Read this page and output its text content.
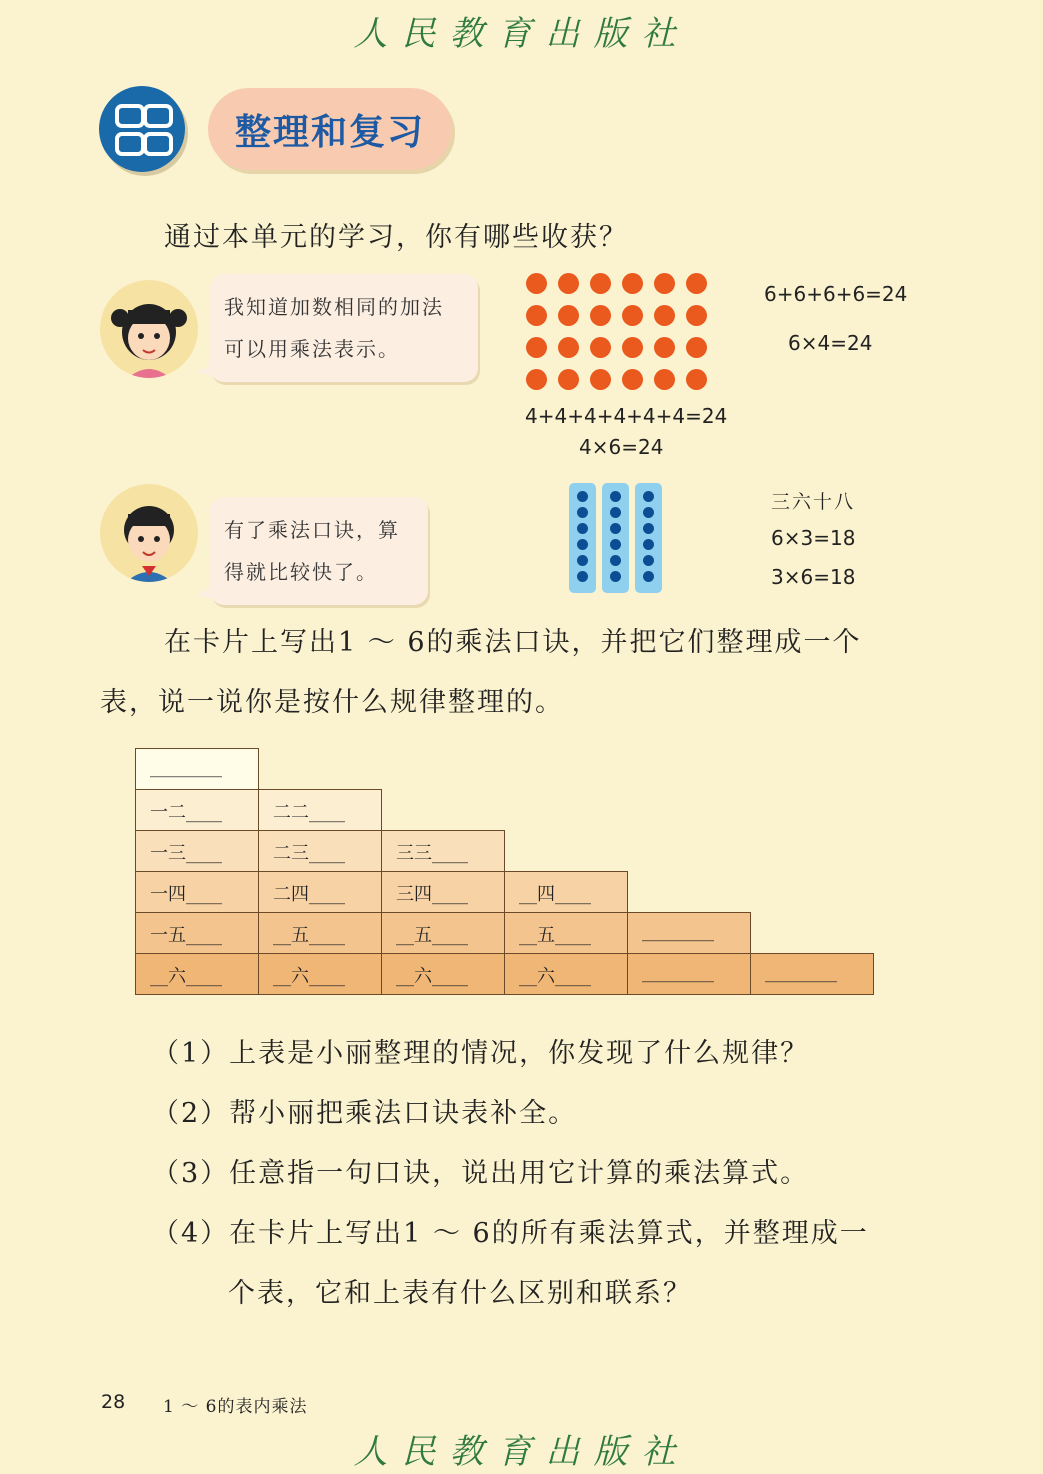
人民教育出版社
整理和复习
通过本单元的学习，你有哪些收获？
我知道加数相同的加法
可以用乘法表示。
6+6+6+6=24
6×4=24
4+4+4+4+4+4=24
4×6=24
有了乘法口诀，算
得就比较快了。
三六十八
6×3=18
3×6=18
在卡片上写出1 ～ 6的乘法口诀，并把它们整理成一个
表，说一说你是按什么规律整理的。
________
一二____	二二____
一三____	二三____	三三____
一四____	二四____	三四____	__四____
一五____	__五____	__五____	__五____	________
__六____	__六____	__六____	__六____	________	________
（1）上表是小丽整理的情况，你发现了什么规律？
（2）帮小丽把乘法口诀表补全。
（3）任意指一句口诀，说出用它计算的乘法算式。
（4）在卡片上写出1 ～ 6的所有乘法算式，并整理成一
个表，它和上表有什么区别和联系？
28 1 ～ 6的表内乘法
人民教育出版社
